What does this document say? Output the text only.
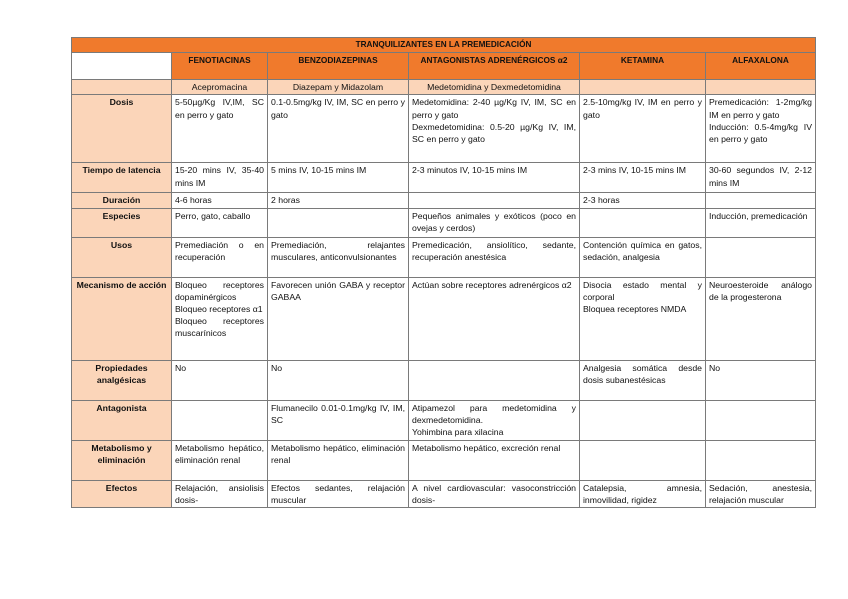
TRANQUILIZANTES EN LA PREMEDICACIÓN					
	FENOTIACINAS	BENZODIAZEPINAS	ANTAGONISTAS ADRENÉRGICOS α2	KETAMINA	ALFAXALONA
	Acepromacina	Diazepam y Midazolam	Medetomidina y Dexmedetomidina		
Dosis	5-50µg/Kg IV,IM, SC en perro y gato	0.1-0.5mg/kg IV, IM, SC en perro y gato	Medetomidina: 2-40 µg/Kg IV, IM, SC en perro y gato
Dexmedetomidina: 0.5-20 µg/Kg IV, IM, SC en perro y gato	2.5-10mg/kg IV, IM en perro y gato	Premedicación: 1-2mg/kg IM en perro y gato
Inducción: 0.5-4mg/kg IV en perro y gato

Tiempo de latencia	15-20 mins IV, 35-40 mins IM	5 mins IV, 10-15 mins IM	2-3 minutos IV, 10-15 mins IM	2-3 mins IV, 10-15 mins IM	30-60 segundos IV, 2-12 mins IM
Duración	4-6 horas	2 horas		2-3 horas	
Especies	Perro, gato, caballo		Pequeños animales y exóticos (poco en ovejas y cerdos)		Inducción, premedicación
Usos	Premediación o en recuperación	Premediación, relajantes musculares, anticonvulsionantes	Premedicación, ansiolítico, sedante, recuperación anestésica	Contención química en gatos, sedación, analgesia	
Mecanismo de acción	Bloqueo receptores dopaminérgicos
Bloqueo receptores α1
Bloqueo receptores muscarínicos	Favorecen unión GABA y receptor GABAA	Actúan sobre receptores adrenérgicos α2	Disocia estado mental y corporal
Bloquea receptores NMDA	Neuroesteroide análogo de la progesterona
Propiedades analgésicas	No	No		Analgesia somática desde dosis subanestésicas	No
Antagonista		Flumanecilo 0.01-0.1mg/kg IV, IM, SC	Atipamezol para medetomidina y dexmedetomidina.
Yohimbina para xilacina		

Metabolismo y eliminación	Metabolismo hepático, eliminación renal	Metabolismo hepático, eliminación renal	Metabolismo hepático, excreción renal		
Efectos	Relajación, ansiolisis dosis-	Efectos sedantes, relajación muscular	A nivel cardiovascular: vasoconstricción dosis-	Catalepsia, amnesia, inmovilidad, rigidez	Sedación, anestesia, relajación muscular
